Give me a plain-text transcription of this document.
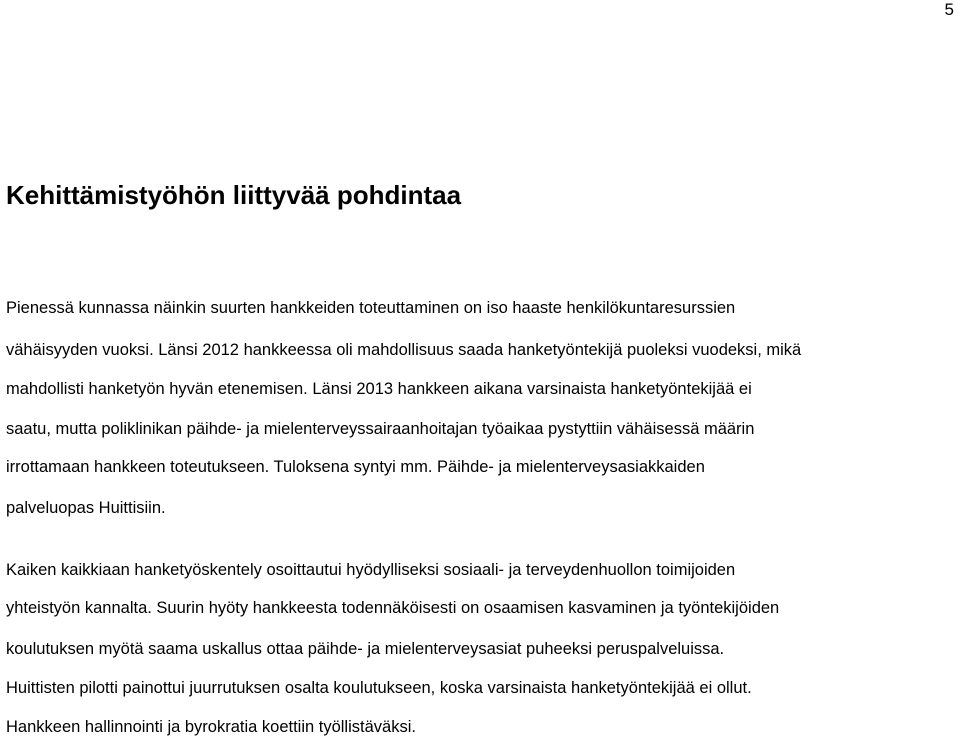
5
Kehittämistyöhön liittyvää pohdintaa

Pienessä kunnassa näinkin suurten hankkeiden toteuttaminen on iso haaste henkilökuntaresurssien

vähäisyyden vuoksi. Länsi 2012 hankkeessa oli mahdollisuus saada hanketyöntekijä puoleksi vuodeksi, mikä

mahdollisti hanketyön hyvän etenemisen. Länsi 2013 hankkeen aikana varsinaista hanketyöntekijää ei

saatu, mutta poliklinikan päihde- ja mielenterveyssairaanhoitajan työaikaa pystyttiin vähäisessä määrin

irrottamaan hankkeen toteutukseen. Tuloksena syntyi mm. Päihde- ja mielenterveysasiakkaiden

palveluopas Huittisiin.

Kaiken kaikkiaan hanketyöskentely osoittautui hyödylliseksi sosiaali- ja terveydenhuollon toimijoiden

yhteistyön kannalta. Suurin hyöty hankkeesta todennäköisesti on osaamisen kasvaminen ja työntekijöiden

koulutuksen myötä saama uskallus ottaa päihde- ja mielenterveysasiat puheeksi peruspalveluissa.

Huittisten pilotti painottui juurrutuksen osalta koulutukseen, koska varsinaista hanketyöntekijää ei ollut.

Hankkeen hallinnointi ja byrokratia koettiin työllistäväksi.
